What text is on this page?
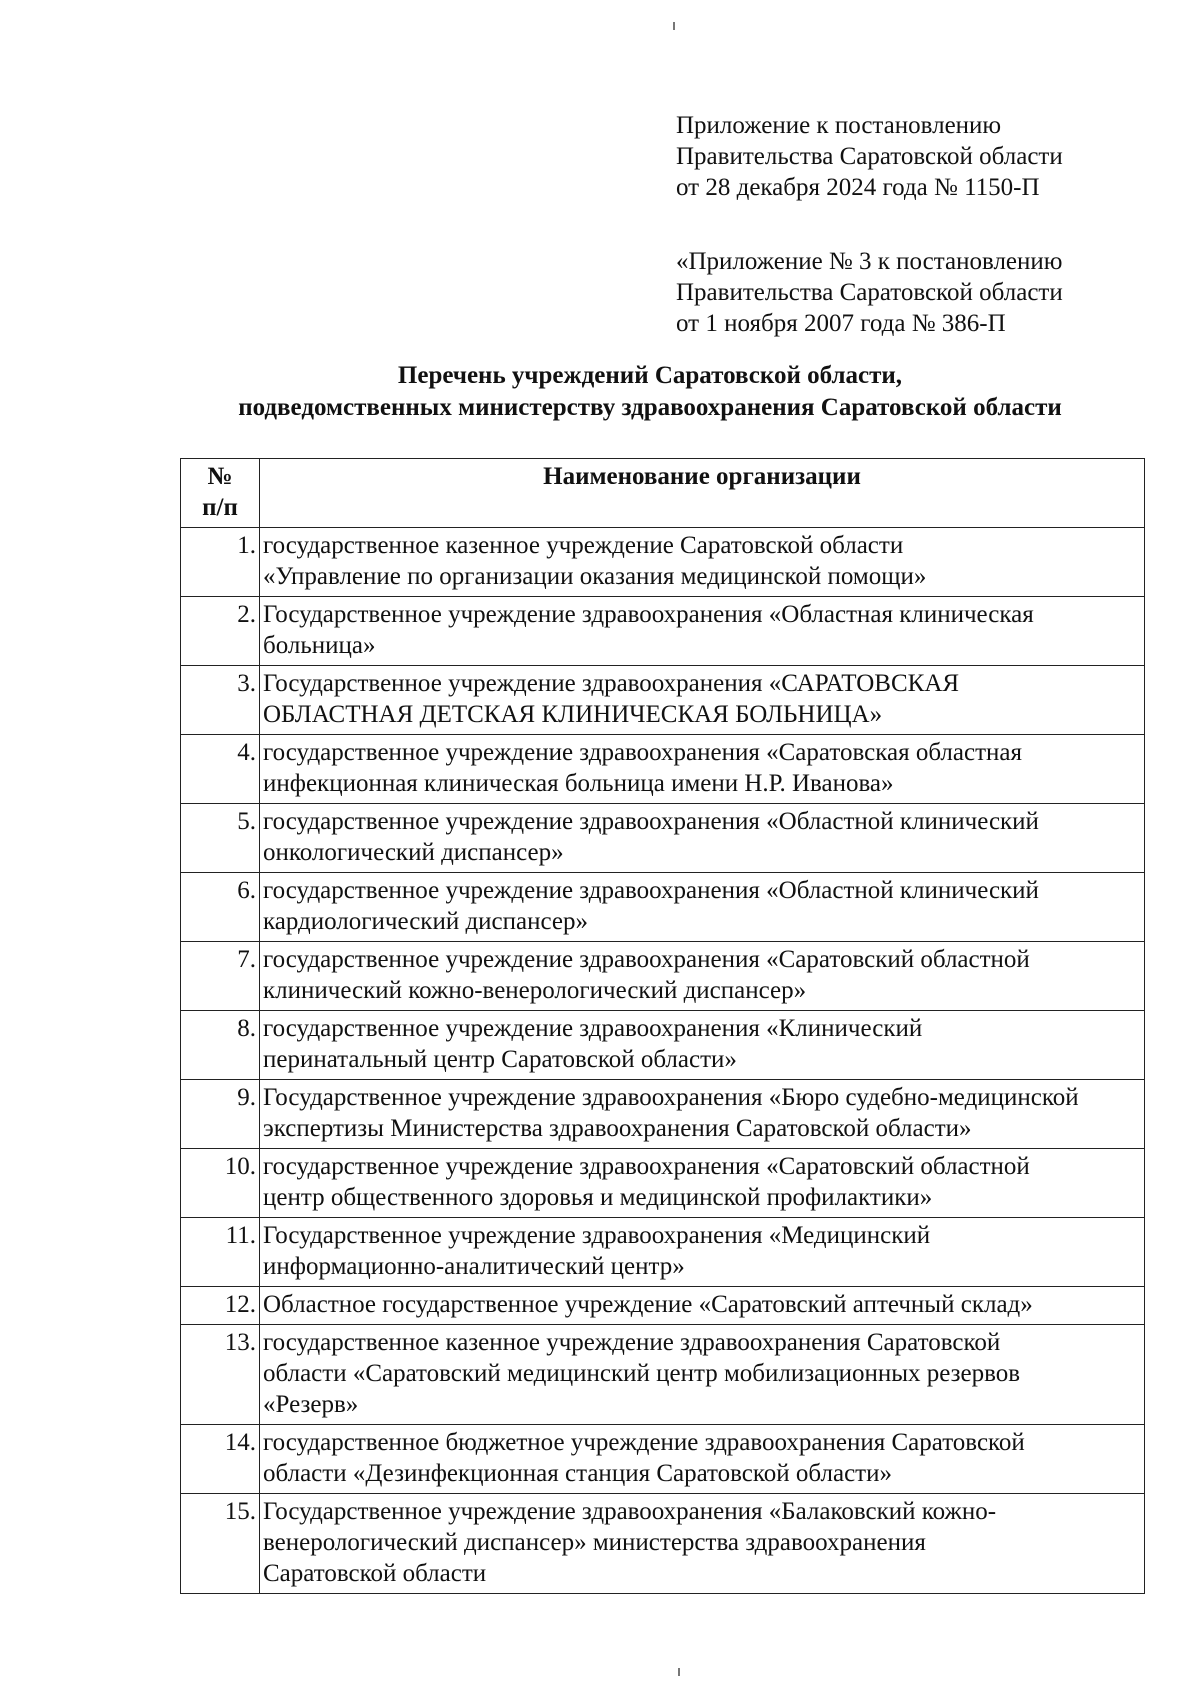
Приложение к постановлению
Правительства Саратовской области
от 28 декабря 2024 года № 1150-П
«Приложение № 3 к постановлению
Правительства Саратовской области
от 1 ноября 2007 года № 386-П
Перечень учреждений Саратовской области,
подведомственных министерству здравоохранения Саратовской области
№
п/п	Наименование организации
1.	государственное казенное учреждение Саратовской области
«Управление по организации оказания медицинской помощи»

2.	Государственное учреждение здравоохранения «Областная клиническая
больница»

3.	Государственное учреждение здравоохранения «САРАТОВСКАЯ
ОБЛАСТНАЯ ДЕТСКАЯ КЛИНИЧЕСКАЯ БОЛЬНИЦА»

4.	государственное учреждение здравоохранения «Саратовская областная
инфекционная клиническая больница имени Н.Р. Иванова»

5.	государственное учреждение здравоохранения «Областной клинический
онкологический диспансер»

6.	государственное учреждение здравоохранения «Областной клинический
кардиологический диспансер»

7.	государственное учреждение здравоохранения «Саратовский областной
клинический кожно-венерологический диспансер»

8.	государственное учреждение здравоохранения «Клинический
перинатальный центр Саратовской области»

9.	Государственное учреждение здравоохранения «Бюро судебно-медицинской
экспертизы Министерства здравоохранения Саратовской области»

10.	государственное учреждение здравоохранения «Саратовский областной
центр общественного здоровья и медицинской профилактики»

11.	Государственное учреждение здравоохранения «Медицинский
информационно-аналитический центр»

12.	Областное государственное учреждение «Саратовский аптечный склад»

13.	государственное казенное учреждение здравоохранения Саратовской
области «Саратовский медицинский центр мобилизационных резервов
«Резерв»

14.	государственное бюджетное учреждение здравоохранения Саратовской
области «Дезинфекционная станция Саратовской области»

15.	Государственное учреждение здравоохранения «Балаковский кожно-
венерологический диспансер» министерства здравоохранения
Саратовской области
